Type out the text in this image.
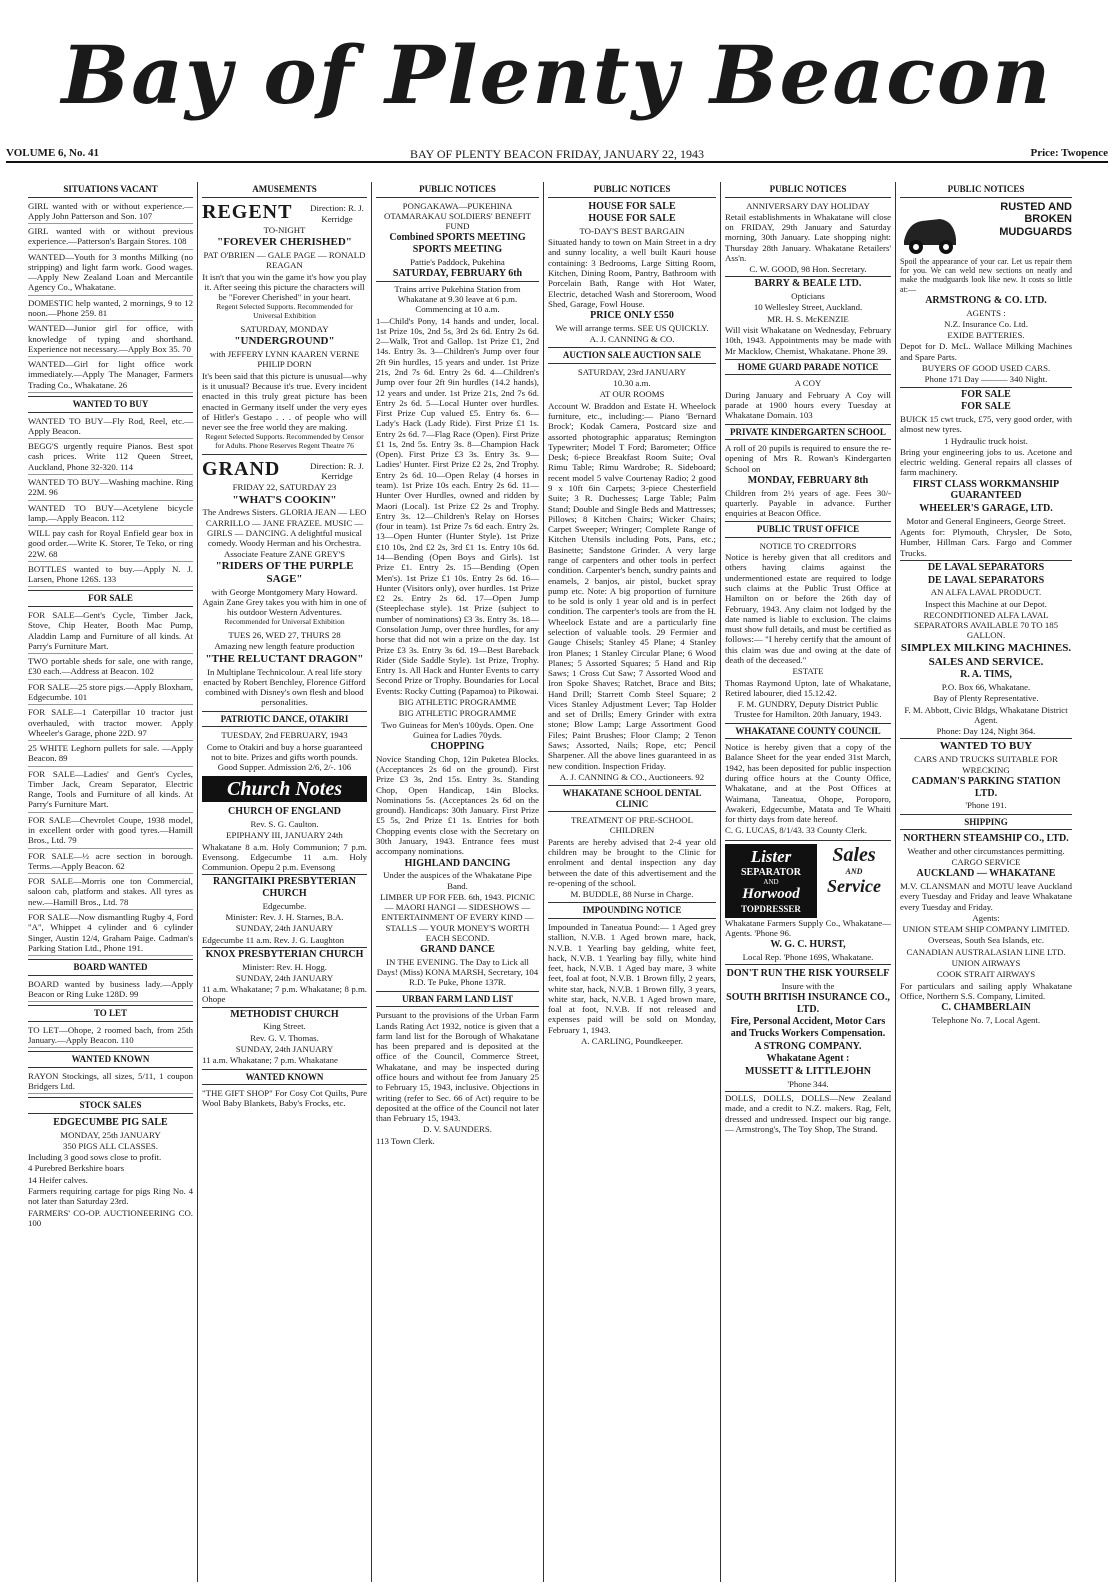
Bay of Plenty Beacon
BAY OF PLENTY BEACON FRIDAY, JANUARY 22, 1943
VOLUME 6, No. 41	Price: Twopence
SITUATIONS VACANT
GIRL wanted with or without experience.—Apply John Patterson and Son. 107
GIRL wanted with or without previous experience.—Patterson's Bargain Stores. 108
WANTED—Youth for 3 months Milking (no stripping) and light farm work. Good wages.—Apply New Zealand Loan and Mercantile Agency Co., Whakatane.
DOMESTIC help wanted, 2 mornings, 9 to 12 noon.—Phone 259. 81
WANTED—Junior girl for office, with knowledge of typing and shorthand. Experience not necessary.—Apply Box 35. 70
WANTED—Girl for light office work immediately.—Apply The Manager, Farmers Trading Co., Whakatane. 26
WANTED TO BUY
WANTED TO BUY—Fly Rod, Reel, etc.—Apply Beacon.
BEGG'S urgently require Pianos. Best spot cash prices. Write 112 Queen Street, Auckland, Phone 32-320. 114
WANTED TO BUY—Washing machine. Ring 22M. 96
WANTED TO BUY—Acetylene bicycle lamp.—Apply Beacon. 112
WILL pay cash for Royal Enfield gear box in good order.—Write K. Storer, Te Teko, or ring 22W. 68
BOTTLES wanted to buy.—Apply N. J. Larsen, Phone 126S. 133
FOR SALE
FOR SALE—Gent's Cycle, Timber Jack, Stove, Chip Heater, Booth Mac Pump, Aladdin Lamp and Furniture of all kinds. At Parry's Furniture Mart.
TWO portable sheds for sale, one with range, £30 each.—Address at Beacon. 102
FOR SALE—25 store pigs.—Apply Bloxham, Edgecumbe. 101
FOR SALE—1 Caterpillar 10 tractor just overhauled, with tractor mower. Apply Wheeler's Garage, phone 22D. 97
25 WHITE Leghorn pullets for sale. —Apply Beacon. 89
FOR SALE—Ladies' and Gent's Cycles, Timber Jack, Cream Separator, Electric Range, Tools and Furniture of all kinds. At Parry's Furniture Mart.
FOR SALE—Chevrolet Coupe, 1938 model, in excellent order with good tyres.—Hamill Bros., Ltd. 79
FOR SALE—½ acre section in borough. Terms.—Apply Beacon. 62
FOR SALE—Morris one ton Commercial, saloon cab, platform and stakes. All tyres as new.—Hamill Bros., Ltd. 78
FOR SALE—Now dismantling Rugby 4, Ford "A", Whippet 4 cylinder and 6 cylinder Singer, Austin 12/4, Graham Paige. Cadman's Parking Station Ltd., Phone 191.
BOARD WANTED
BOARD wanted by business lady.—Apply Beacon or Ring Luke 128D. 99
TO LET
TO LET—Ohope, 2 roomed bach, from 25th January.—Apply Beacon. 110
WANTED KNOWN
RAYON Stockings, all sizes, 5/11, 1 coupon Bridgers Ltd.
STOCK SALES
EDGECUMBE PIG SALE
MONDAY, 25th JANUARY
350 PIGS ALL CLASSES.
Including 3 good sows close to profit.
4 Purebred Berkshire boars
14 Heifer calves.
Farmers requiring cartage for pigs Ring No. 4 not later than Saturday 23rd.
FARMERS' CO-OP. AUCTIONEERING CO. 100
AMUSEMENTS
REGENT	Direction: R. J. Kerridge
TO-NIGHT
"FOREVER CHERISHED"
PAT O'BRIEN — GALE PAGE — RONALD REAGAN
It isn't that you win the game it's how you play it. After seeing this picture the characters will be "Forever Cherished" in your heart.
Regent Selected Supports. Recommended for Universal Exhibition
SATURDAY, MONDAY
"UNDERGROUND"
with JEFFERY LYNN KAAREN VERNE PHILIP DORN
It's been said that this picture is unusual—why is it unusual? Because it's true. Every incident enacted in this truly great picture has been enacted in Germany itself under the very eyes of Hitler's Gestapo . . . of people who will never see the free world they are making.
Regent Selected Supports. Recommended by Censor for Adults. Phone Reserves Regent Theatre 76
GRAND	Direction: R. J. Kerridge
FRIDAY 22, SATURDAY 23
"WHAT'S COOKIN"
The Andrews Sisters. GLORIA JEAN — LEO CARRILLO — JANE FRAZEE. MUSIC — GIRLS — DANCING. A delightful musical comedy. Woody Herman and his Orchestra. Associate Feature ZANE GREY'S
"RIDERS OF THE PURPLE SAGE"
with George Montgomery Mary Howard. Again Zane Grey takes you with him in one of his outdoor Western Adventures.
Recommended for Universal Exhibition
TUES 26, WED 27, THURS 28
Amazing new length feature production
"THE RELUCTANT DRAGON"
In Multiplane Technicolour. A real life story enacted by Robert Benchley, Florence Gifford combined with Disney's own flesh and blood personalities.
PATRIOTIC DANCE, OTAKIRI
TUESDAY, 2nd FEBRUARY, 1943
Come to Otakiri and buy a horse guaranteed not to bite. Prizes and gifts worth pounds. Good Supper. Admission 2/6, 2/-. 106
Church Notes
CHURCH OF ENGLAND
Rev. S. G. Caulton.
EPIPHANY III, JANUARY 24th
Whakatane 8 a.m. Holy Communion; 7 p.m. Evensong. Edgecumbe 11 a.m. Holy Communion. Opepu 2 p.m. Evensong
RANGITAIKI PRESBYTERIAN CHURCH
Edgecumbe.
Minister: Rev. J. H. Starnes, B.A.
SUNDAY, 24th JANUARY
Edgecumbe 11 a.m. Rev. J. G. Laughton
KNOX PRESBYTERIAN CHURCH
Minister: Rev. H. Hogg.
SUNDAY, 24th JANUARY
11 a.m. Whakatane; 7 p.m. Whakatane; 8 p.m. Ohope
METHODIST CHURCH
King Street.
Rev. G. V. Thomas.
SUNDAY, 24th JANUARY
11 a.m. Whakatane; 7 p.m. Whakatane
WANTED KNOWN
"THE GIFT SHOP" For Cosy Cot Quilts, Pure Wool Baby Blankets, Baby's Frocks, etc.
PUBLIC NOTICES
PONGAKAWA—PUKEHINA OTAMARAKAU SOLDIERS' BENEFIT FUND
Combined SPORTS MEETING SPORTS MEETING
Pattie's Paddock, Pukehina
SATURDAY, FEBRUARY 6th
Trains arrive Pukehina Station from Whakatane at 9.30 leave at 6 p.m. Commencing at 10 a.m.
1—Child's Pony, 14 hands and under, local. 1st Prize 10s, 2nd 5s, 3rd 2s 6d. Entry 2s 6d. 2—Walk, Trot and Gallop. 1st Prize £1, 2nd 14s. Entry 3s. 3—Children's Jump over four 2ft 9in hurdles, 15 years and under. 1st Prize 21s, 2nd 7s 6d. Entry 2s 6d. 4—Children's Jump over four 2ft 9in hurdles (14.2 hands), 12 years and under. 1st Prize 21s, 2nd 7s 6d. Entry 2s 6d. 5—Local Hunter over hurdles. First Prize Cup valued £5. Entry 6s. 6—Lady's Hack (Lady Ride). First Prize £1 1s. Entry 2s 6d. 7—Flag Race (Open). First Prize £1 1s, 2nd 5s. Entry 3s. 8—Champion Hack (Open). First Prize £3 3s. Entry 3s. 9—Ladies' Hunter. First Prize £2 2s, 2nd Trophy. Entry 2s 6d. 10—Open Relay (4 horses in team). 1st Prize 10s each. Entry 2s 6d. 11—Hunter Over Hurdles, owned and ridden by Maori (Local). 1st Prize £2 2s and Trophy. Entry 3s. 12—Children's Relay on Horses (four in team). 1st Prize 7s 6d each. Entry 2s. 13—Open Hunter (Hunter Style). 1st Prize £10 10s, 2nd £2 2s, 3rd £1 1s. Entry 10s 6d. 14—Bending (Open Boys and Girls). 1st Prize £1. Entry 2s. 15—Bending (Open Men's). 1st Prize £1 10s. Entry 2s 6d. 16—Hunter (Visitors only), over hurdles. 1st Prize £2 2s. Entry 2s 6d. 17—Open Jump (Steeplechase style). 1st Prize (subject to number of nominations) £3 3s. Entry 3s. 18—Consolation Jump, over three hurdles, for any horse that did not win a prize on the day. 1st Prize £3 3s. Entry 3s 6d. 19—Best Bareback Rider (Side Saddle Style). 1st Prize, Trophy. Entry 1s. All Hack and Hunter Events to carry Second Prize or Trophy. Boundaries for Local Events: Rocky Cutting (Papamoa) to Pikowai.
BIG ATHLETIC PROGRAMME
BIG ATHLETIC PROGRAMME
Two Guineas for Men's 100yds. Open. One Guinea for Ladies 70yds.
CHOPPING
Novice Standing Chop, 12in Puketea Blocks. (Acceptances 2s 6d on the ground). First Prize £3 3s, 2nd 15s. Entry 3s. Standing Chop, Open Handicap, 14in Blocks. Nominations 5s. (Acceptances 2s 6d on the ground). Handicaps: 30th January. First Prize £5 5s, 2nd Prize £1 1s. Entries for both Chopping events close with the Secretary on 30th January, 1943. Entrance fees must accompany nominations.
HIGHLAND DANCING
Under the auspices of the Whakatane Pipe Band.
LIMBER UP FOR FEB. 6th, 1943. PICNIC — MAORI HANGI — SIDESHOWS — ENTERTAINMENT OF EVERY KIND — STALLS — YOUR MONEY'S WORTH EACH SECOND.
GRAND DANCE
IN THE EVENING. The Day to Lick all Days! (Miss) KONA MARSH, Secretary, 104 R.D. Te Puke, Phone 137R.
URBAN FARM LAND LIST
Pursuant to the provisions of the Urban Farm Lands Rating Act 1932, notice is given that a farm land list for the Borough of Whakatane has been prepared and is deposited at the office of the Council, Commerce Street, Whakatane, and may be inspected during office hours and without fee from January 25 to February 15, 1943, inclusive. Objections in writing (refer to Sec. 66 of Act) require to be deposited at the office of the Council not later than February 15, 1943.
D. V. SAUNDERS.
113 Town Clerk.
PUBLIC NOTICES
HOUSE FOR SALE
HOUSE FOR SALE
TO-DAY'S BEST BARGAIN
Situated handy to town on Main Street in a dry and sunny locality, a well built Kauri house containing: 3 Bedrooms, Large Sitting Room, Kitchen, Dining Room, Pantry, Bathroom with Porcelain Bath, Range with Hot Water, Electric, detached Wash and Storeroom, Wood Shed, Garage, Fowl House.
PRICE ONLY £550
We will arrange terms. SEE US QUICKLY.
A. J. CANNING & CO.
AUCTION SALE AUCTION SALE
SATURDAY, 23rd JANUARY
10.30 a.m.
AT OUR ROOMS
Account W. Braddon and Estate H. Wheelock furniture, etc., including:— Piano 'Bernard Brock'; Kodak Camera, Postcard size and assorted photographic apparatus; Remington Typewriter; Model T Ford; Barometer; Office Desk; 6-piece Breakfast Room Suite; Oval Rimu Table; Rimu Wardrobe; R. Sideboard; recent model 5 valve Courtenay Radio; 2 good 9 x 10ft 6in Carpets; 3-piece Chesterfield Suite; 3 R. Duchesses; Large Table; Palm Stand; Double and Single Beds and Mattresses; Pillows; 8 Kitchen Chairs; Wicker Chairs; Carpet Sweeper; Wringer; Complete Range of Kitchen Utensils including Pots, Pans, etc.; Basinette; Sandstone Grinder. A very large range of carpenters and other tools in perfect condition. Carpenter's bench, sundry paints and enamels, 2 banjos, air pistol, bucket spray pump etc. Note: A big proportion of furniture to be sold is only 1 year old and is in perfect condition. The carpenter's tools are from the H. Wheelock Estate and are a particularly fine selection of valuable tools. 29 Fermier and Gauge Chisels; Stanley 45 Plane; 4 Stanley Iron Planes; 1 Stanley Circular Plane; 6 Wood Planes; 5 Assorted Squares; 5 Hand and Rip Saws; 1 Cross Cut Saw; 7 Assorted Wood and Iron Spoke Shaves; Ratchet, Brace and Bits; Hand Drill; Starrett Comb Steel Square; 2 Vices Stanley Adjustment Lever; Tap Holder and set of Drills; Emery Grinder with extra stone; Blow Lamp; Large Assortment Good Files; Paint Brushes; Floor Clamp; 2 Tenon Saws; Assorted, Nails; Rope, etc; Pencil Sharpener. All the above lines guaranteed in as new condition. Inspection Friday.
A. J. CANNING & CO., Auctioneers. 92
WHAKATANE SCHOOL DENTAL CLINIC
TREATMENT OF PRE-SCHOOL CHILDREN
Parents are hereby advised that 2-4 year old children may be brought to the Clinic for enrolment and dental inspection any day between the date of this advertisement and the re-opening of the school.
M. BUDDLE, 88 Nurse in Charge.
IMPOUNDING NOTICE
Impounded in Taneatua Pound:— 1 Aged grey stallion, N.V.B. 1 Aged brown mare, hack, N.V.B. 1 Yearling bay gelding, white feet, hack, N.V.B. 1 Yearling bay filly, white hind feet, hack, N.V.B. 1 Aged bay mare, 3 white feet, foal at foot, N.V.B. 1 Brown filly, 2 years, white star, hack, N.V.B. 1 Brown filly, 3 years, white star, hack, N.V.B. 1 Aged brown mare, foal at foot, N.V.B. If not released and expenses paid will be sold on Monday, February 1, 1943.
A. CARLING, Poundkeeper.
PUBLIC NOTICES
ANNIVERSARY DAY HOLIDAY
Retail establishments in Whakatane will close on FRIDAY, 29th January and Saturday morning, 30th January. Late shopping night: Thursday 28th January. Whakatane Retailers' Ass'n.
C. W. GOOD, 98 Hon. Secretary.
BARRY & BEALE LTD.
Opticians
10 Wellesley Street, Auckland.
MR. H. S. McKENZIE
Will visit Whakatane on Wednesday, February 10th, 1943. Appointments may be made with Mr Macklow, Chemist, Whakatane. Phone 39.
HOME GUARD PARADE NOTICE
A COY
During January and February A Coy will parade at 1900 hours every Tuesday at Whakatane Domain. 103
PRIVATE KINDERGARTEN SCHOOL
A roll of 20 pupils is required to ensure the re-opening of Mrs R. Rowan's Kindergarten School on
MONDAY, FEBRUARY 8th
Children from 2½ years of age. Fees 30/- quarterly. Payable in advance. Further enquiries at Beacon Office.
PUBLIC TRUST OFFICE
NOTICE TO CREDITORS
Notice is hereby given that all creditors and others having claims against the undermentioned estate are required to lodge such claims at the Public Trust Office at Hamilton on or before the 26th day of February, 1943. Any claim not lodged by the date named is liable to exclusion. The claims must show full details, and must be certified as follows:— "I hereby certify that the amount of this claim was due and owing at the date of death of the deceased."
ESTATE
Thomas Raymond Upton, late of Whakatane, Retired labourer, died 15.12.42.
F. M. GUNDRY, Deputy District Public Trustee for Hamilton. 20th January, 1943.
WHAKATANE COUNTY COUNCIL
Notice is hereby given that a copy of the Balance Sheet for the year ended 31st March, 1942, has been deposited for public inspection during office hours at the County Office, Whakatane, and at the Post Offices at Waimana, Taneatua, Ohope, Poroporo, Awakeri, Edgecumbe, Matata and Te Whaiti for thirty days from date hereof.
C. G. LUCAS, 8/1/43. 33 County Clerk.
Lister
SEPARATOR
AND
Horwood
TOPDRESSER
Sales
AND
Service
Whakatane Farmers Supply Co., Whakatane—Agents. 'Phone 96.
W. G. C. HURST,
Local Rep. 'Phone 169S, Whakatane.
DON'T RUN THE RISK YOURSELF
Insure with the
SOUTH BRITISH INSURANCE CO., LTD.
Fire, Personal Accident, Motor Cars and Trucks Workers Compensation.
A STRONG COMPANY.
Whakatane Agent :
MUSSETT & LITTLEJOHN
'Phone 344.
DOLLS, DOLLS, DOLLS—New Zealand made, and a credit to N.Z. makers. Rag, Felt, dressed and undressed. Inspect our big range.— Armstrong's, The Toy Shop, The Strand.
PUBLIC NOTICES
RUSTED AND
BROKEN
MUDGUARDS
Spoil the appearance of your car. Let us repair them for you. We can weld new sections on neatly and make the mudguards look like new. It costs so little at:—
ARMSTRONG & CO. LTD.
AGENTS :
N.Z. Insurance Co. Ltd.
EXIDE BATTERIES.
Depot for D. McL. Wallace Milking Machines and Spare Parts.
BUYERS OF GOOD USED CARS.
Phone 171 Day ——— 340 Night.
FOR SALE
FOR SALE
BUICK 15 cwt truck, £75, very good order, with almost new tyres.
1 Hydraulic truck hoist.
Bring your engineering jobs to us. Acetone and electric welding. General repairs all classes of farm machinery.
FIRST CLASS WORKMANSHIP GUARANTEED
WHEELER'S GARAGE, LTD.
Motor and General Engineers, George Street.
Agents for: Plymouth, Chrysler, De Soto, Humber, Hillman Cars. Fargo and Commer Trucks.
DE LAVAL SEPARATORS
DE LAVAL SEPARATORS
AN ALFA LAVAL PRODUCT.
Inspect this Machine at our Depot.
RECONDITIONED ALFA LAVAL SEPARATORS AVAILABLE 70 TO 185 GALLON.
SIMPLEX MILKING MACHINES.
SALES AND SERVICE.
R. A. TIMS,
P.O. Box 66, Whakatane.
Bay of Plenty Representative.
F. M. Abbott, Civic Bldgs, Whakatane District Agent.
Phone: Day 124, Night 364.
WANTED TO BUY
CARS AND TRUCKS SUITABLE FOR WRECKING
CADMAN'S PARKING STATION LTD.
'Phone 191.
SHIPPING
NORTHERN STEAMSHIP CO., LTD.
Weather and other circumstances permitting.
CARGO SERVICE
AUCKLAND — WHAKATANE
M.V. CLANSMAN and MOTU leave Auckland every Tuesday and Friday and leave Whakatane every Tuesday and Friday.
Agents:
UNION STEAM SHIP COMPANY LIMITED.
Overseas, South Sea Islands, etc.
CANADIAN AUSTRALASIAN LINE LTD.
UNION AIRWAYS
COOK STRAIT AIRWAYS
For particulars and sailing apply Whakatane Office, Northern S.S. Company, Limited.
C. CHAMBERLAIN
Telephone No. 7, Local Agent.
